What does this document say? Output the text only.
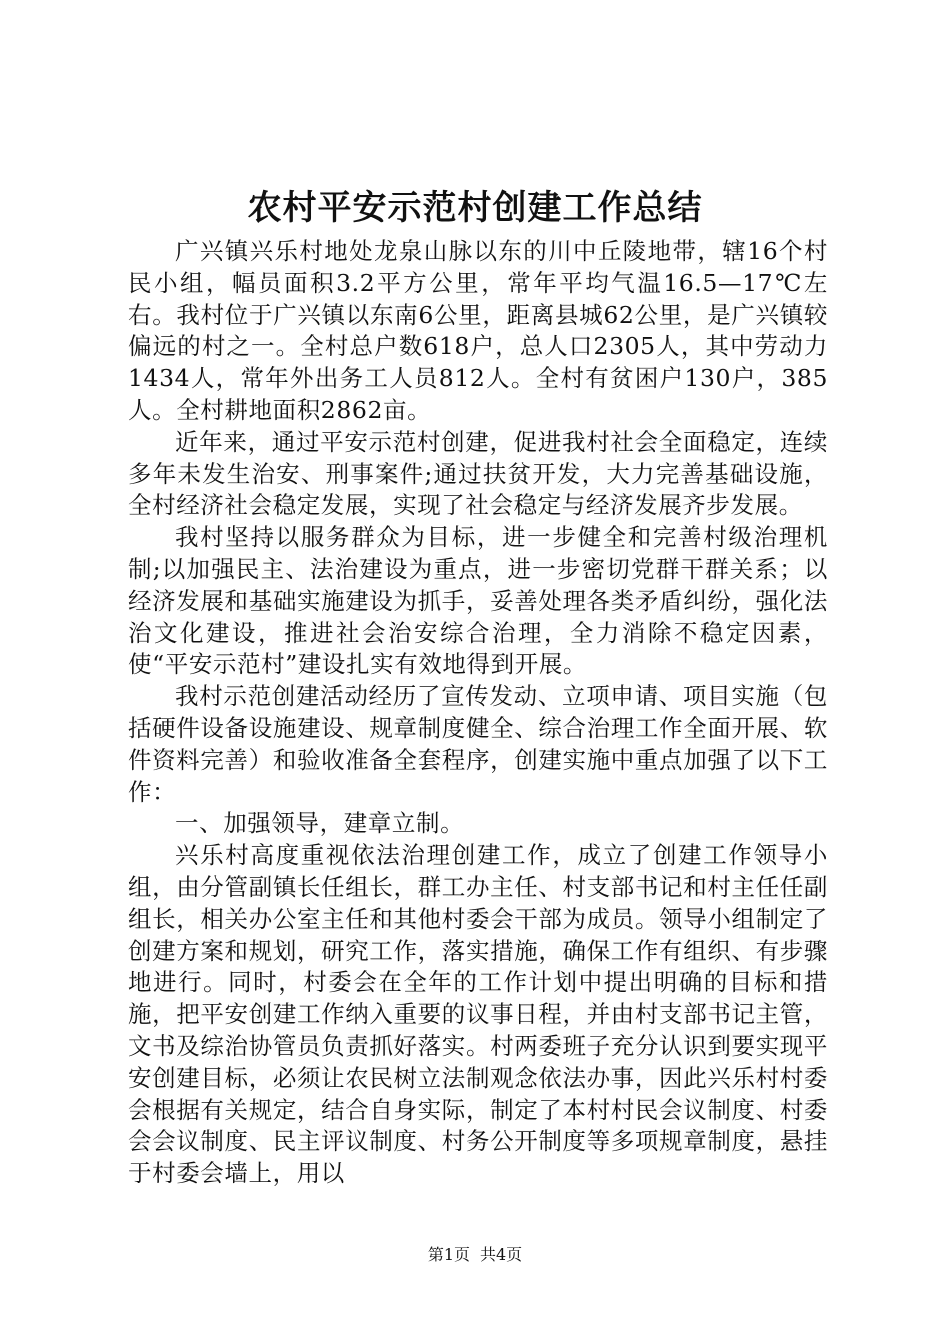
农村平安示范村创建工作总结

广兴镇兴乐村地处龙泉山脉以东的川中丘陵地带，辖16个村民小组，幅员面积3.2平方公里，常年平均气温16.5—17℃左右。我村位于广兴镇以东南6公里，距离县城62公里，是广兴镇较偏远的村之一。全村总户数618户，总人口2305人，其中劳动力1434人，常年外出务工人员812人。全村有贫困户130户，385人。全村耕地面积2862亩。

近年来，通过平安示范村创建，促进我村社会全面稳定，连续多年未发生治安、刑事案件;通过扶贫开发，大力完善基础设施，全村经济社会稳定发展，实现了社会稳定与经济发展齐步发展。

我村坚持以服务群众为目标，进一步健全和完善村级治理机制;以加强民主、法治建设为重点，进一步密切党群干群关系；以经济发展和基础实施建设为抓手，妥善处理各类矛盾纠纷，强化法治文化建设，推进社会治安综合治理，全力消除不稳定因素，使“平安示范村”建设扎实有效地得到开展。

我村示范创建活动经历了宣传发动、立项申请、项目实施（包括硬件设备设施建设、规章制度健全、综合治理工作全面开展、软件资料完善）和验收准备全套程序，创建实施中重点加强了以下工作：

一、加强领导，建章立制。

兴乐村高度重视依法治理创建工作，成立了创建工作领导小组，由分管副镇长任组长，群工办主任、村支部书记和村主任任副组长，相关办公室主任和其他村委会干部为成员。领导小组制定了创建方案和规划，研究工作，落实措施，确保工作有组织、有步骤地进行。同时，村委会在全年的工作计划中提出明确的目标和措施，把平安创建工作纳入重要的议事日程，并由村支部书记主管，文书及综治协管员负责抓好落实。村两委班子充分认识到要实现平安创建目标，必须让农民树立法制观念依法办事，因此兴乐村村委会根据有关规定，结合自身实际，制定了本村村民会议制度、村委会会议制度、民主评议制度、村务公开制度等多项规章制度，悬挂于村委会墙上，用以

第1页 共4页
